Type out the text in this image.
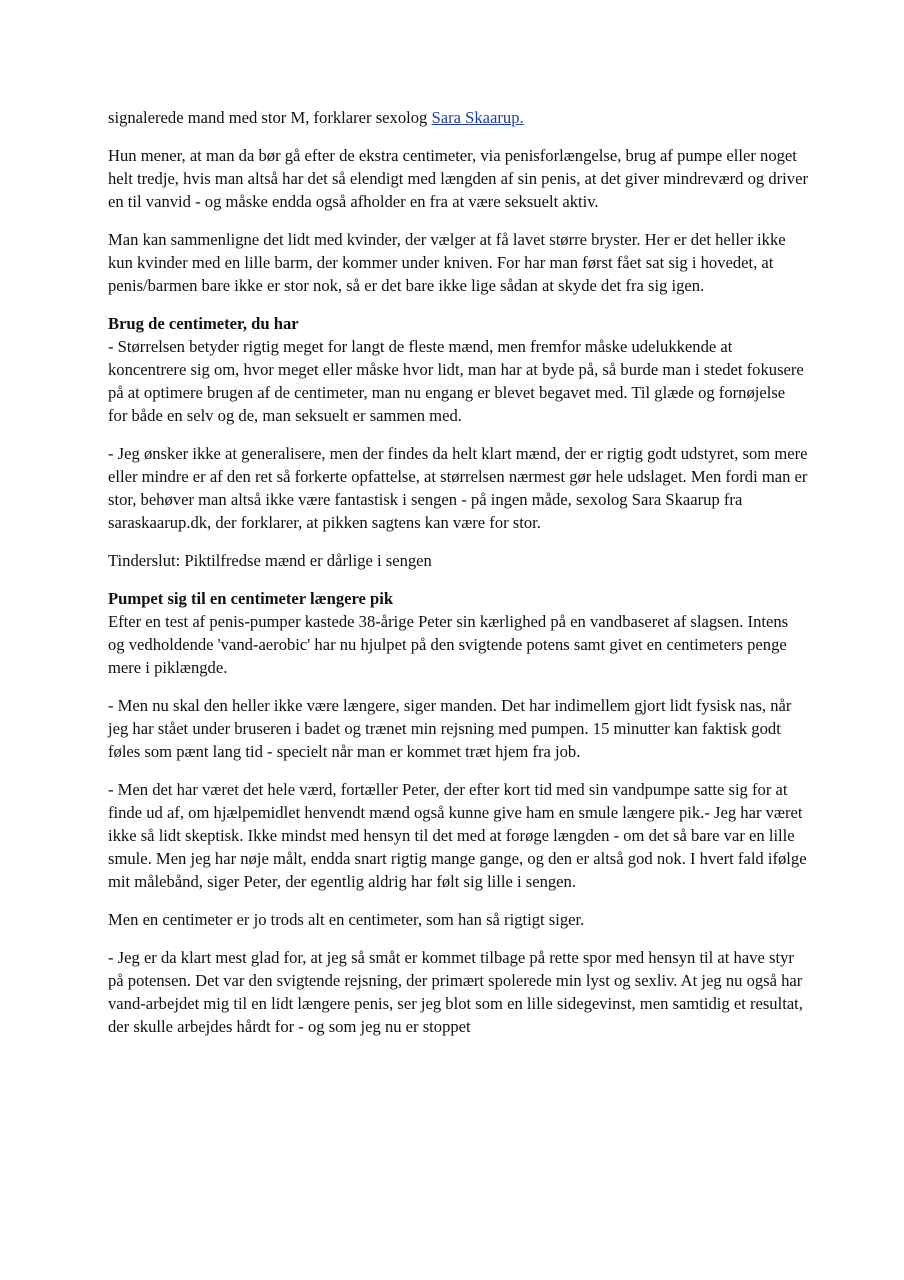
signalerede mand med stor M, forklarer sexolog Sara Skaarup.

Hun mener, at man da bør gå efter de ekstra centimeter, via penisforlængelse, brug af pumpe eller noget helt tredje, hvis man altså har det så elendigt med længden af sin penis, at det giver mindreværd og driver en til vanvid - og måske endda også afholder en fra at være seksuelt aktiv.

Man kan sammenligne det lidt med kvinder, der vælger at få lavet større bryster. Her er det heller ikke kun kvinder med en lille barm, der kommer under kniven. For har man først fået sat sig i hovedet, at penis/barmen bare ikke er stor nok, så er det bare ikke lige sådan at skyde det fra sig igen.

Brug de centimeter, du har

- Størrelsen betyder rigtig meget for langt de fleste mænd, men fremfor måske udelukkende at koncentrere sig om, hvor meget eller måske hvor lidt, man har at byde på, så burde man i stedet fokusere på at optimere brugen af de centimeter, man nu engang er blevet begavet med. Til glæde og fornøjelse for både en selv og de, man seksuelt er sammen med.

- Jeg ønsker ikke at generalisere, men der findes da helt klart mænd, der er rigtig godt udstyret, som mere eller mindre er af den ret så forkerte opfattelse, at størrelsen nærmest gør hele udslaget. Men fordi man er stor, behøver man altså ikke være fantastisk i sengen - på ingen måde, sexolog Sara Skaarup fra saraskaarup.dk, der forklarer, at pikken sagtens kan være for stor.

Tinderslut: Piktilfredse mænd er dårlige i sengen

Pumpet sig til en centimeter længere pik

Efter en test af penis-pumper kastede 38-årige Peter sin kærlighed på en vandbaseret af slagsen. Intens og vedholdende 'vand-aerobic' har nu hjulpet på den svigtende potens samt givet en centimeters penge mere i piklængde.

- Men nu skal den heller ikke være længere, siger manden. Det har indimellem gjort lidt fysisk nas, når jeg har stået under bruseren i badet og trænet min rejsning med pumpen. 15 minutter kan faktisk godt føles som pænt lang tid - specielt når man er kommet træt hjem fra job.

- Men det har været det hele værd, fortæller Peter, der efter kort tid med sin vandpumpe satte sig for at finde ud af, om hjælpemidlet henvendt mænd også kunne give ham en smule længere pik.- Jeg har været ikke så lidt skeptisk. Ikke mindst med hensyn til det med at forøge længden - om det så bare var en lille smule. Men jeg har nøje målt, endda snart rigtig mange gange, og den er altså god nok. I hvert fald ifølge mit målebånd, siger Peter, der egentlig aldrig har følt sig lille i sengen.

Men en centimeter er jo trods alt en centimeter, som han så rigtigt siger.

- Jeg er da klart mest glad for, at jeg så småt er kommet tilbage på rette spor med hensyn til at have styr på potensen. Det var den svigtende rejsning, der primært spolerede min lyst og sexliv. At jeg nu også har vand-arbejdet mig til en lidt længere penis, ser jeg blot som en lille sidegevinst, men samtidig et resultat, der skulle arbejdes hårdt for - og som jeg nu er stoppet
